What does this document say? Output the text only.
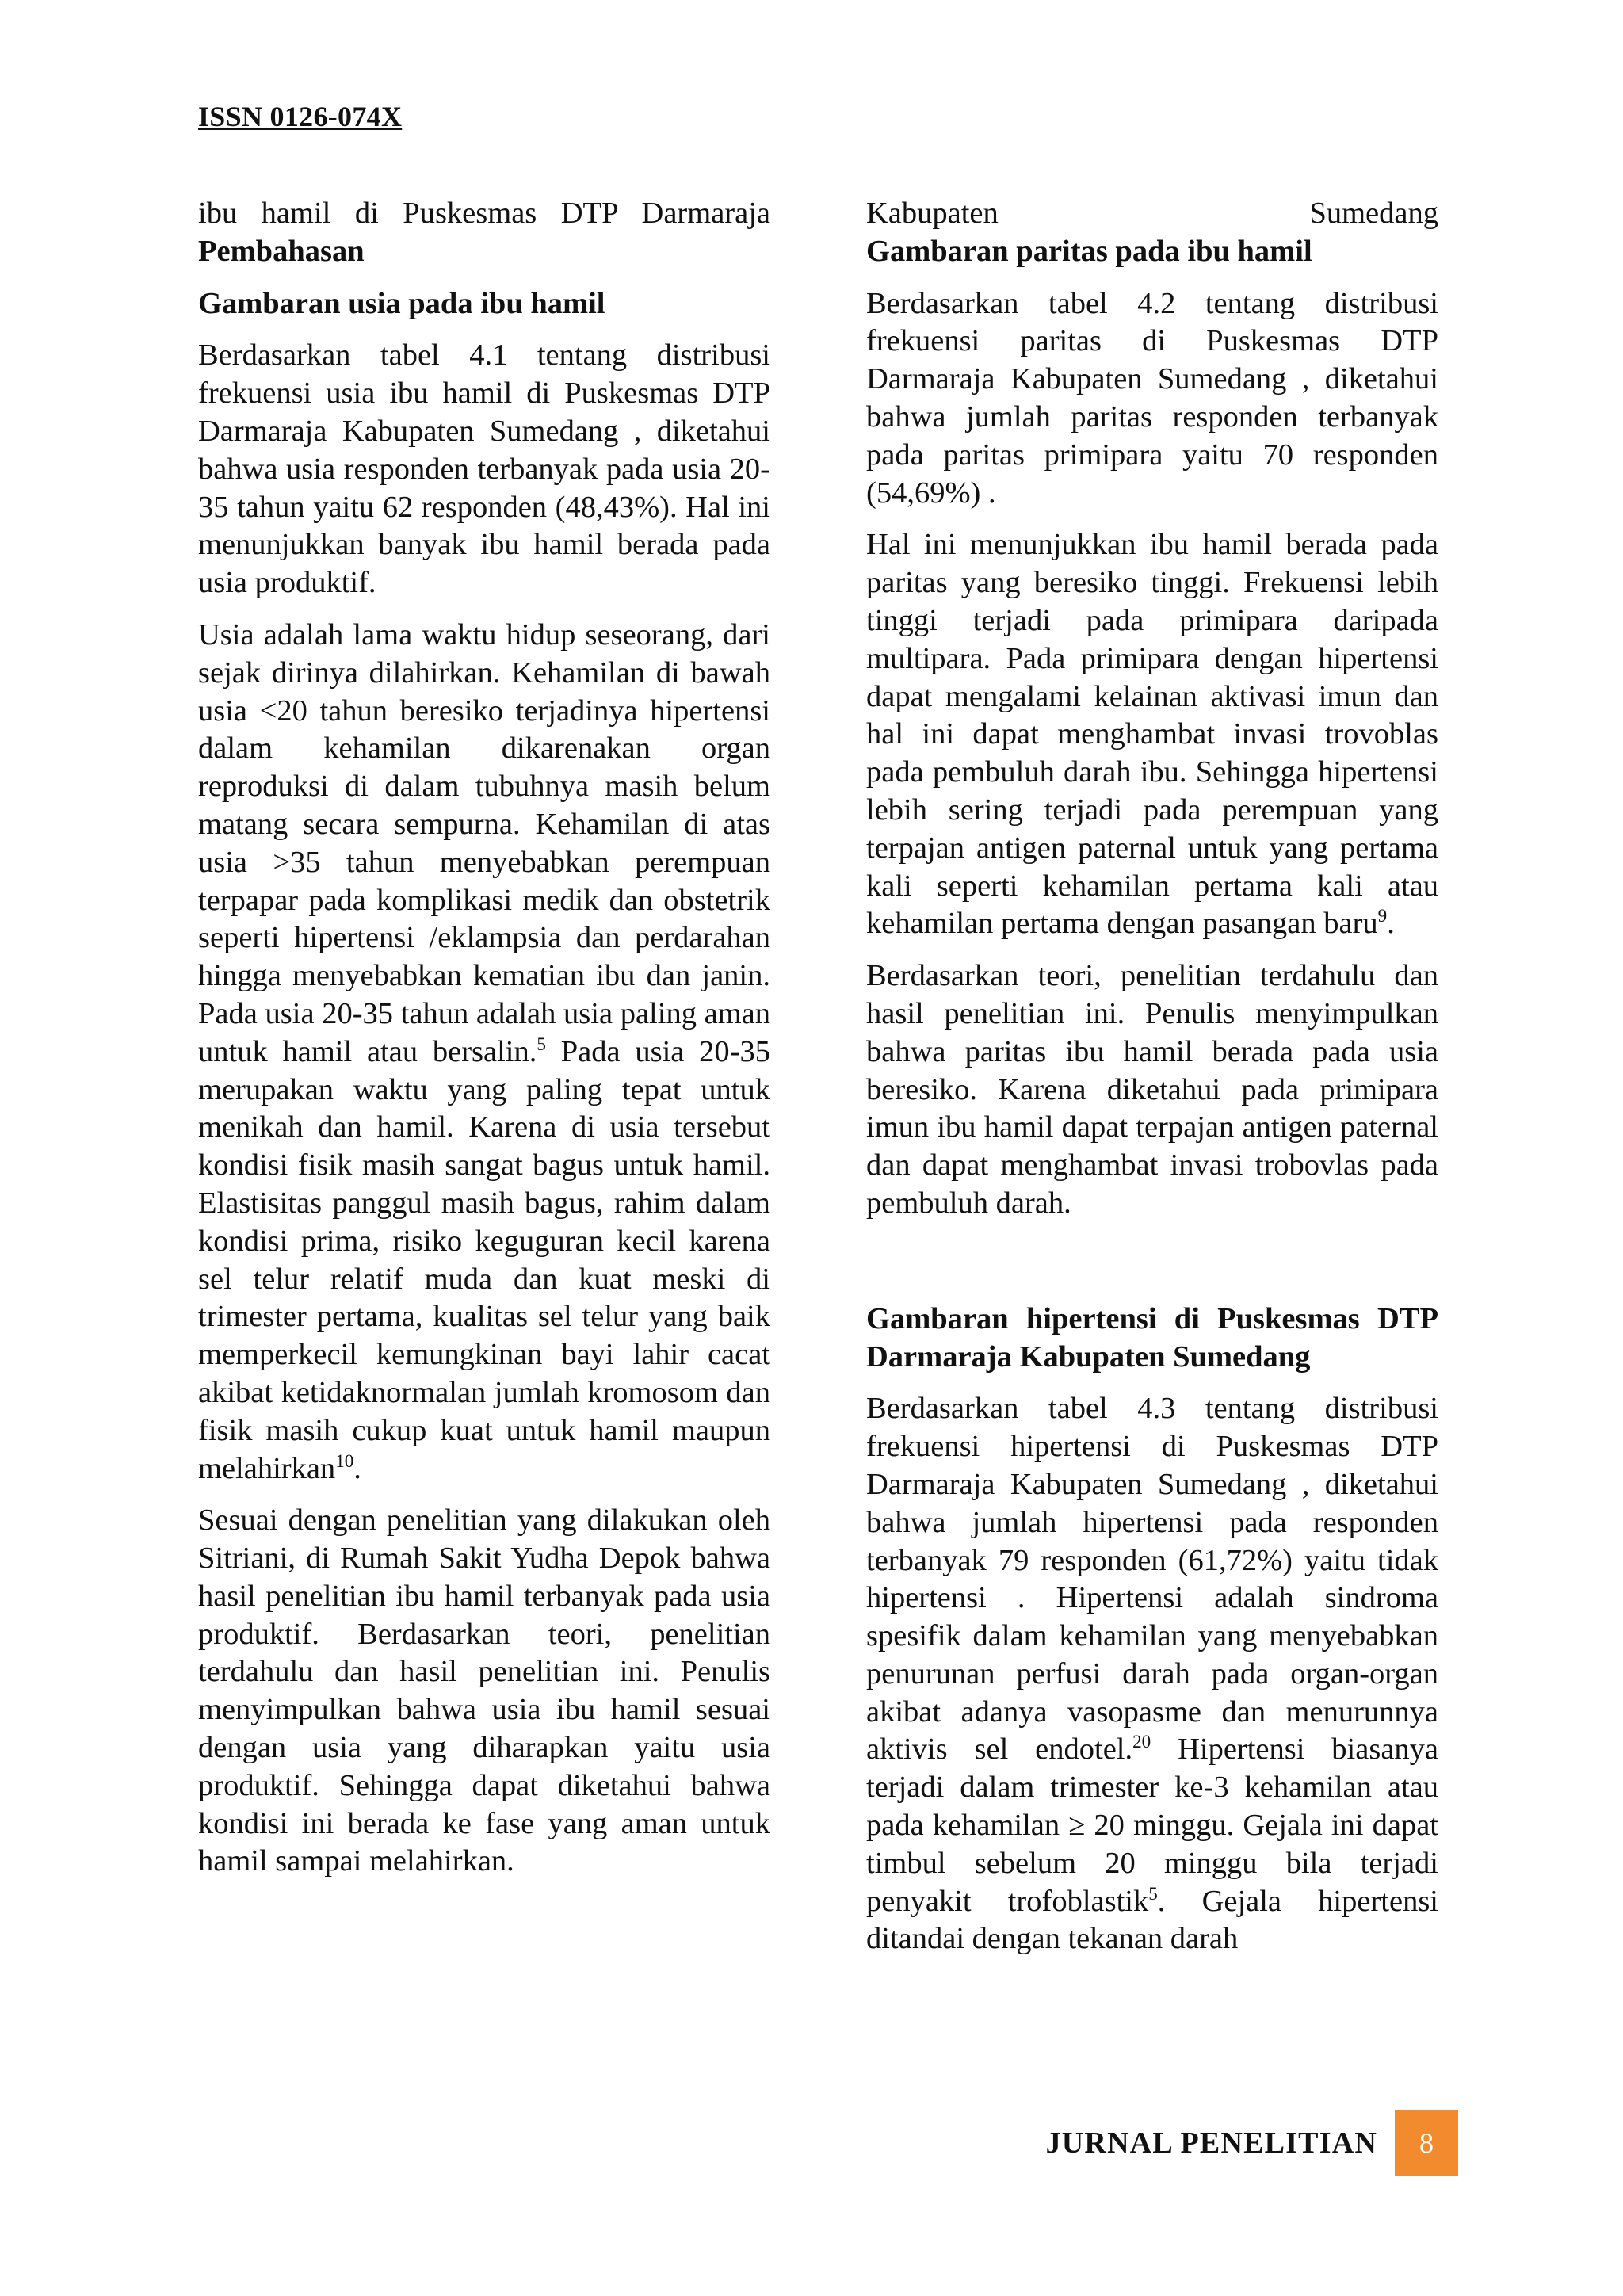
ISSN 0126-074X

ibu hamil di Puskesmas DTP Darmaraja

Pembahasan
Gambaran usia pada ibu hamil

Berdasarkan tabel 4.1 tentang distribusi frekuensi usia ibu hamil di Puskesmas DTP Darmaraja Kabupaten Sumedang , diketahui bahwa usia responden terbanyak pada usia 20-35 tahun yaitu 62 responden (48,43%). Hal ini menunjukkan banyak ibu hamil berada pada usia produktif.

Usia adalah lama waktu hidup seseorang, dari sejak dirinya dilahirkan. Kehamilan di bawah usia <20 tahun beresiko terjadinya hipertensi dalam kehamilan dikarenakan organ reproduksi di dalam tubuhnya masih belum matang secara sempurna. Kehamilan di atas usia >35 tahun menyebabkan perempuan terpapar pada komplikasi medik dan obstetrik seperti hipertensi /eklampsia dan perdarahan hingga menyebabkan kematian ibu dan janin. Pada usia 20-35 tahun adalah usia paling aman untuk hamil atau bersalin.$^5$ Pada usia 20-35 merupakan waktu yang paling tepat untuk menikah dan hamil. Karena di usia tersebut kondisi fisik masih sangat bagus untuk hamil. Elastisitas panggul masih bagus, rahim dalam kondisi prima, risiko keguguran kecil karena sel telur relatif muda dan kuat meski di trimester pertama, kualitas sel telur yang baik memperkecil kemungkinan bayi lahir cacat akibat ketidaknormalan jumlah kromosom dan fisik masih cukup kuat untuk hamil maupun melahirkan$^{10}$.

Sesuai dengan penelitian yang dilakukan oleh Sitriani, di Rumah Sakit Yudha Depok bahwa hasil penelitian ibu hamil terbanyak pada usia produktif. Berdasarkan teori, penelitian terdahulu dan hasil penelitian ini. Penulis menyimpulkan bahwa usia ibu hamil sesuai dengan usia yang diharapkan yaitu usia produktif. Sehingga dapat diketahui bahwa kondisi ini berada ke fase yang aman untuk hamil sampai melahirkan.

Kabupaten Sumedang

Gambaran paritas pada ibu hamil

Berdasarkan tabel 4.2 tentang distribusi frekuensi paritas di Puskesmas DTP Darmaraja Kabupaten Sumedang , diketahui bahwa jumlah paritas responden terbanyak pada paritas primipara yaitu 70 responden (54,69%) .

Hal ini menunjukkan ibu hamil berada pada paritas yang beresiko tinggi. Frekuensi lebih tinggi terjadi pada primipara daripada multipara. Pada primipara dengan hipertensi dapat mengalami kelainan aktivasi imun dan hal ini dapat menghambat invasi trovoblas pada pembuluh darah ibu. Sehingga hipertensi lebih sering terjadi pada perempuan yang terpajan antigen paternal untuk yang pertama kali seperti kehamilan pertama kali atau kehamilan pertama dengan pasangan baru$^9$.

Berdasarkan teori, penelitian terdahulu dan hasil penelitian ini. Penulis menyimpulkan bahwa paritas ibu hamil berada pada usia beresiko. Karena diketahui pada primipara imun ibu hamil dapat terpajan antigen paternal dan dapat menghambat invasi trobovlas pada pembuluh darah.

Gambaran hipertensi di Puskesmas DTP Darmaraja Kabupaten Sumedang

Berdasarkan tabel 4.3 tentang distribusi frekuensi hipertensi di Puskesmas DTP Darmaraja Kabupaten Sumedang , diketahui bahwa jumlah hipertensi pada responden terbanyak 79 responden (61,72%) yaitu tidak hipertensi . Hipertensi adalah sindroma spesifik dalam kehamilan yang menyebabkan penurunan perfusi darah pada organ-organ akibat adanya vasopasme dan menurunnya aktivis sel endotel.$^{20}$ Hipertensi biasanya terjadi dalam trimester ke-3 kehamilan atau pada kehamilan ≥ 20 minggu. Gejala ini dapat timbul sebelum 20 minggu bila terjadi penyakit trofoblastik$^5$. Gejala hipertensi ditandai dengan tekanan darah

JURNAL PENELITIAN	8
